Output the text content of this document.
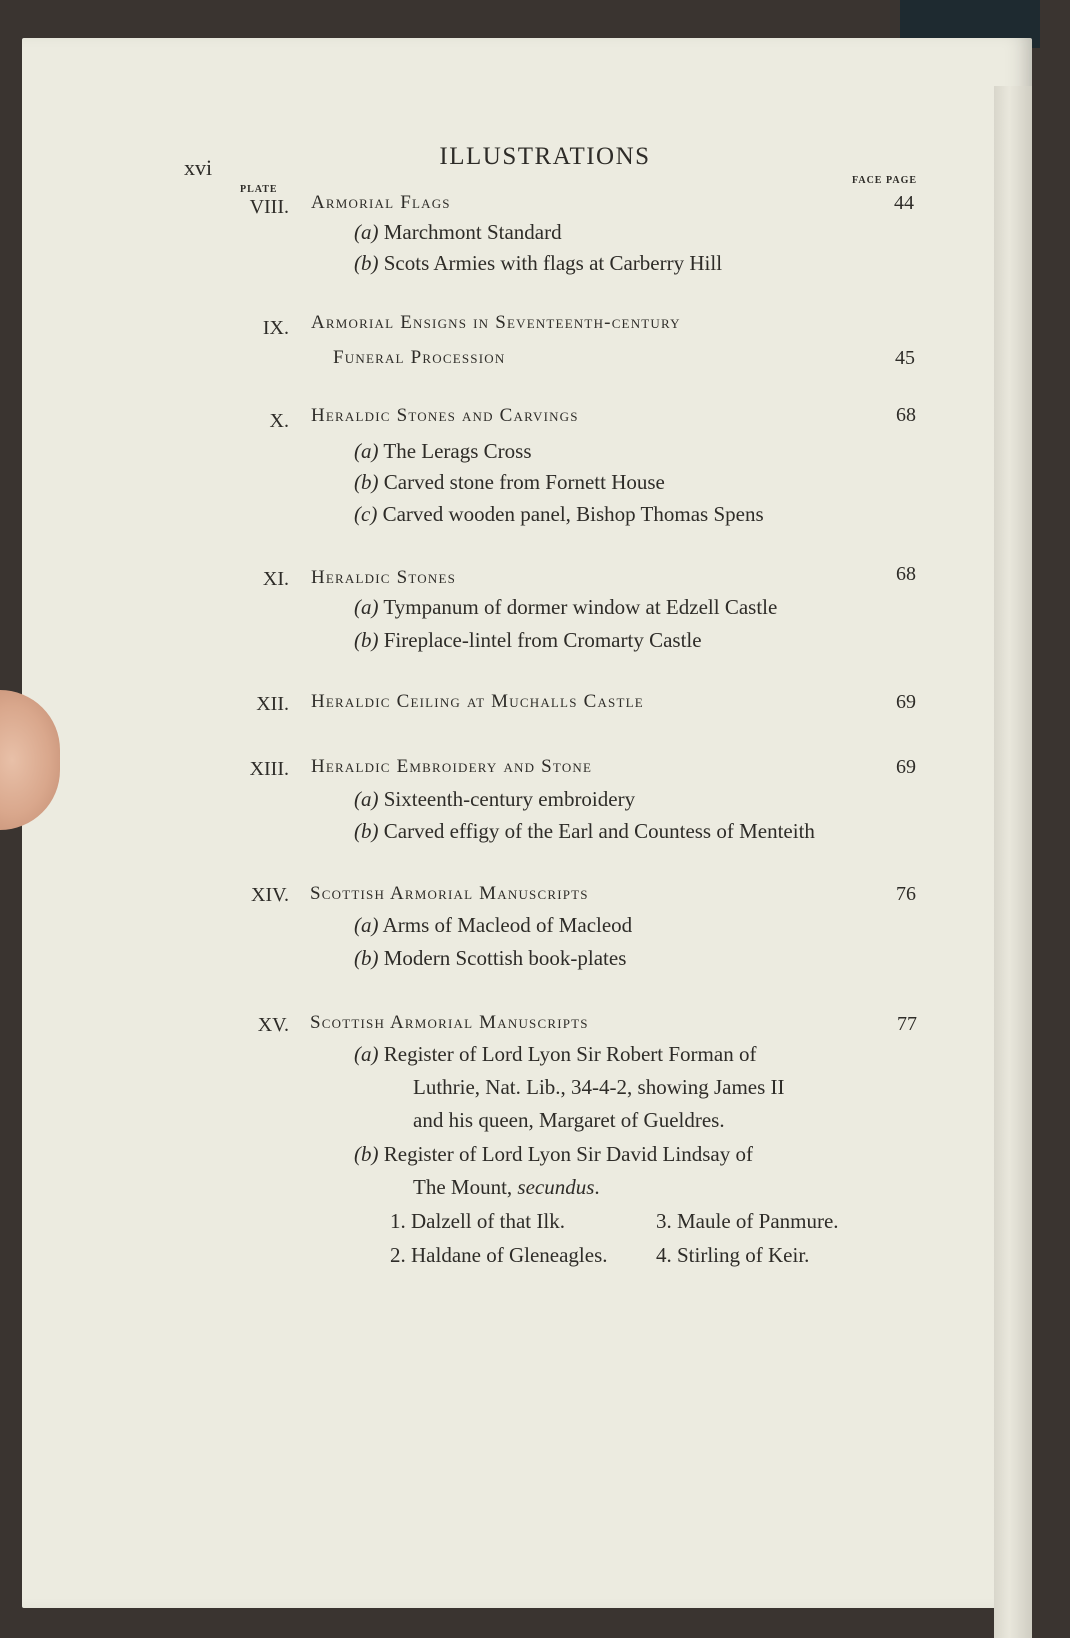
xvi	ILLUSTRATIONS
PLATE
FACE PAGE
VIII. Armorial Flags	44
(a) Marchmont Standard
(b) Scots Armies with flags at Carberry Hill
IX. Armorial Ensigns in Seventeenth-century
Funeral Procession	45
X. Heraldic Stones and Carvings	68
(a) The Lerags Cross
(b) Carved stone from Fornett House
(c) Carved wooden panel, Bishop Thomas Spens
XI. Heraldic Stones	68
(a) Tympanum of dormer window at Edzell Castle
(b) Fireplace-lintel from Cromarty Castle
XII. Heraldic Ceiling at Muchalls Castle	69
XIII. Heraldic Embroidery and Stone	69
(a) Sixteenth-century embroidery
(b) Carved effigy of the Earl and Countess of Menteith
XIV. Scottish Armorial Manuscripts	76
(a) Arms of Macleod of Macleod
(b) Modern Scottish book-plates
XV. Scottish Armorial Manuscripts	77
(a) Register of Lord Lyon Sir Robert Forman of
Luthrie, Nat. Lib., 34-4-2, showing James II
and his queen, Margaret of Gueldres.
(b) Register of Lord Lyon Sir David Lindsay of
The Mount, secundus.
1. Dalzell of that Ilk.
2. Haldane of Gleneagles.
3. Maule of Panmure.
4. Stirling of Keir.
